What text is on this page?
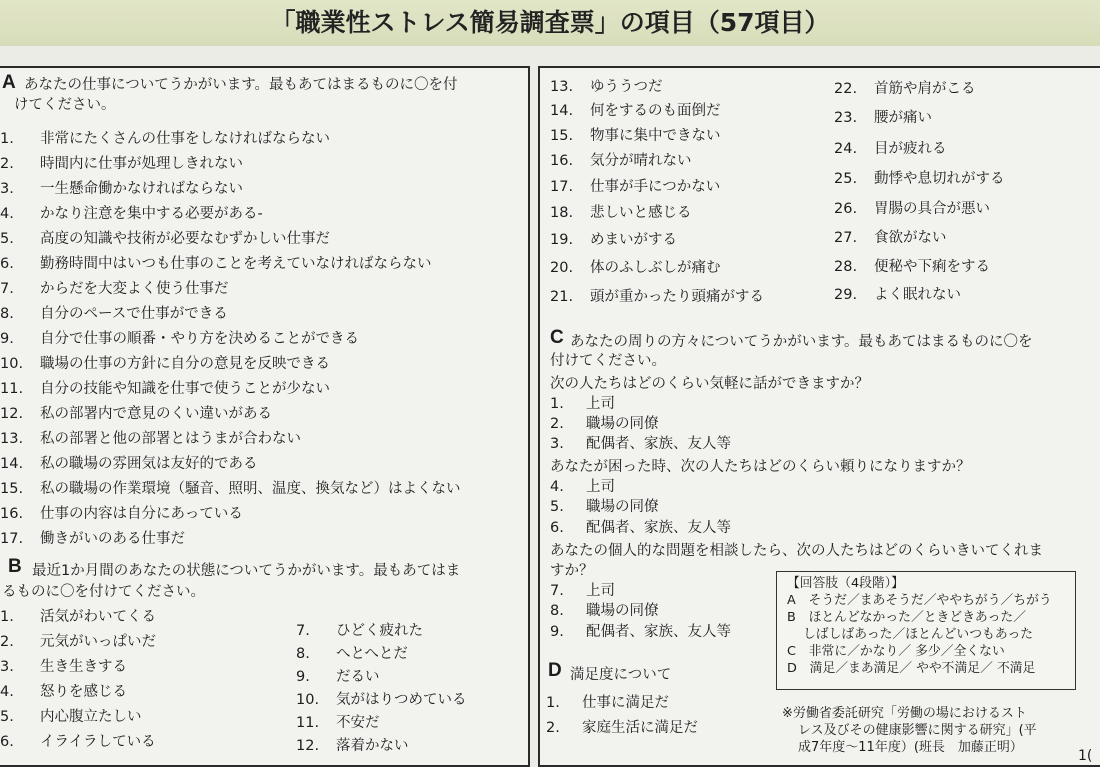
「職業性ストレス簡易調査票」の項目（57項目）
A あなたの仕事についてうかがいます。最もあてはまるものに〇を付
けてください。
1. 非常にたくさんの仕事をしなければならない
2. 時間内に仕事が処理しきれない
3. 一生懸命働かなければならない
4. かなり注意を集中する必要がある-
5. 高度の知識や技術が必要なむずかしい仕事だ
6. 勤務時間中はいつも仕事のことを考えていなければならない
7. からだを大変よく使う仕事だ
8. 自分のペースで仕事ができる
9. 自分で仕事の順番・やり方を決めることができる
10. 職場の仕事の方針に自分の意見を反映できる
11. 自分の技能や知識を仕事で使うことが少ない
12. 私の部署内で意見のくい違いがある
13. 私の部署と他の部署とはうまが合わない
14. 私の職場の雰囲気は友好的である
15. 私の職場の作業環境（騒音、照明、温度、換気など）はよくない
16. 仕事の内容は自分にあっている
17. 働きがいのある仕事だ
B 最近1か月間のあなたの状態についてうかがいます。最もあてはま
るものに〇を付けてください。
1. 活気がわいてくる
2. 元気がいっぱいだ
3. 生き生きする
4. 怒りを感じる
5. 内心腹立たしい
6. イライラしている
7. ひどく疲れた
8. へとへとだ
9. だるい
10. 気がはりつめている
11. 不安だ
12. 落着かない
13. ゆううつだ
14. 何をするのも面倒だ
15. 物事に集中できない
16. 気分が晴れない
17. 仕事が手につかない
18. 悲しいと感じる
19. めまいがする
20. 体のふしぶしが痛む
21. 頭が重かったり頭痛がする
22. 首筋や肩がこる
23. 腰が痛い
24. 目が疲れる
25. 動悸や息切れがする
26. 胃腸の具合が悪い
27. 食欲がない
28. 便秘や下痢をする
29. よく眠れない
C あなたの周りの方々についてうかがいます。最もあてはまるものに〇を
付けてください。
次の人たちはどのくらい気軽に話ができますか？
1. 上司
2. 職場の同僚
3. 配偶者、家族、友人等
あなたが困った時、次の人たちはどのくらい頼りになりますか？
4. 上司
5. 職場の同僚
6. 配偶者、家族、友人等
あなたの個人的な問題を相談したら、次の人たちはどのくらいきいてくれま
すか？
7. 上司
8. 職場の同僚
9. 配偶者、家族、友人等
D 満足度について
1. 仕事に満足だ
2. 家庭生活に満足だ
【回答肢（4段階）】
A　そうだ／まあそうだ／ややちがう／ちがう
B　ほとんどなかった／ときどきあった／
しばしばあった／ほとんどいつもあった
C　非常に／かなり／ 多少／全くない
D　満足／まあ満足／ やや不満足／ 不満足
※労働省委託研究「労働の場におけるスト
レス及びその健康影響に関する研究」(平
成7年度〜11年度）(班長　加藤正明）
1(
